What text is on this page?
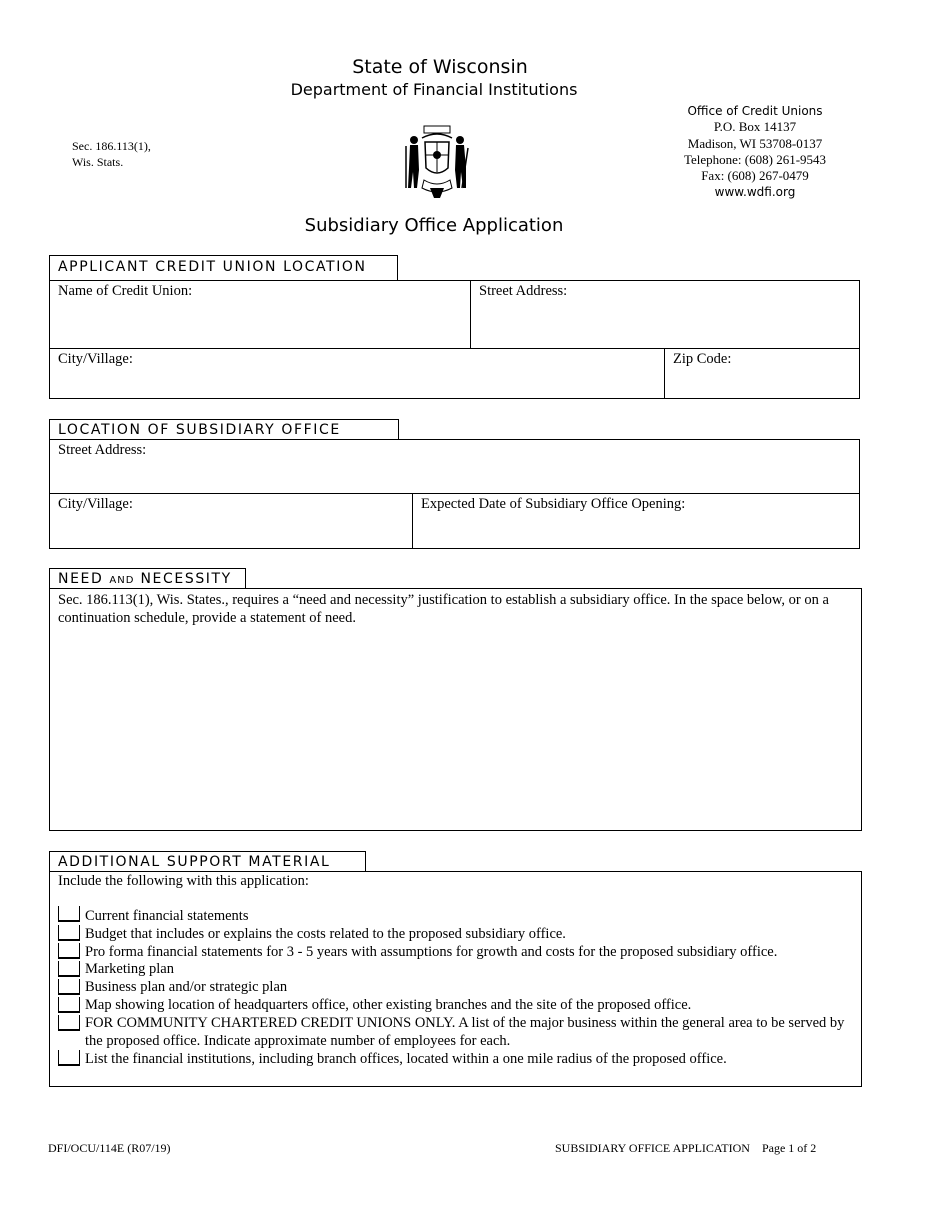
State of Wisconsin
Department of Financial Institutions
Sec. 186.113(1),
Wis. Stats.
Office of Credit Unions
P.O. Box 14137
Madison, WI 53708-0137
Telephone: (608) 261-9543
Fax: (608) 267-0479
www.wdfi.org
Subsidiary Office Application
APPLICANT CREDIT UNION LOCATION
Name of Credit Union:	Street Address:
City/Village:	Zip Code:
LOCATION OF SUBSIDIARY OFFICE
Street Address:
City/Village:	Expected Date of Subsidiary Office Opening:
NEED AND NECESSITY
Sec. 186.113(1), Wis. States., requires a “need and necessity” justification to establish a subsidiary office. In the space below, or on a continuation schedule, provide a statement of need.
ADDITIONAL SUPPORT MATERIAL
Include the following with this application:
Current financial statements
Budget that includes or explains the costs related to the proposed subsidiary office.
Pro forma financial statements for 3 - 5 years with assumptions for growth and costs for the proposed subsidiary office.
Marketing plan
Business plan and/or strategic plan
Map showing location of headquarters office, other existing branches and the site of the proposed office.
FOR COMMUNITY CHARTERED CREDIT UNIONS ONLY. A list of the major business within the general area to be served by the proposed office. Indicate approximate number of employees for each.
List the financial institutions, including branch offices, located within a one mile radius of the proposed office.
DFI/OCU/114E (R07/19)	SUBSIDIARY OFFICE APPLICATION Page 1 of 2
